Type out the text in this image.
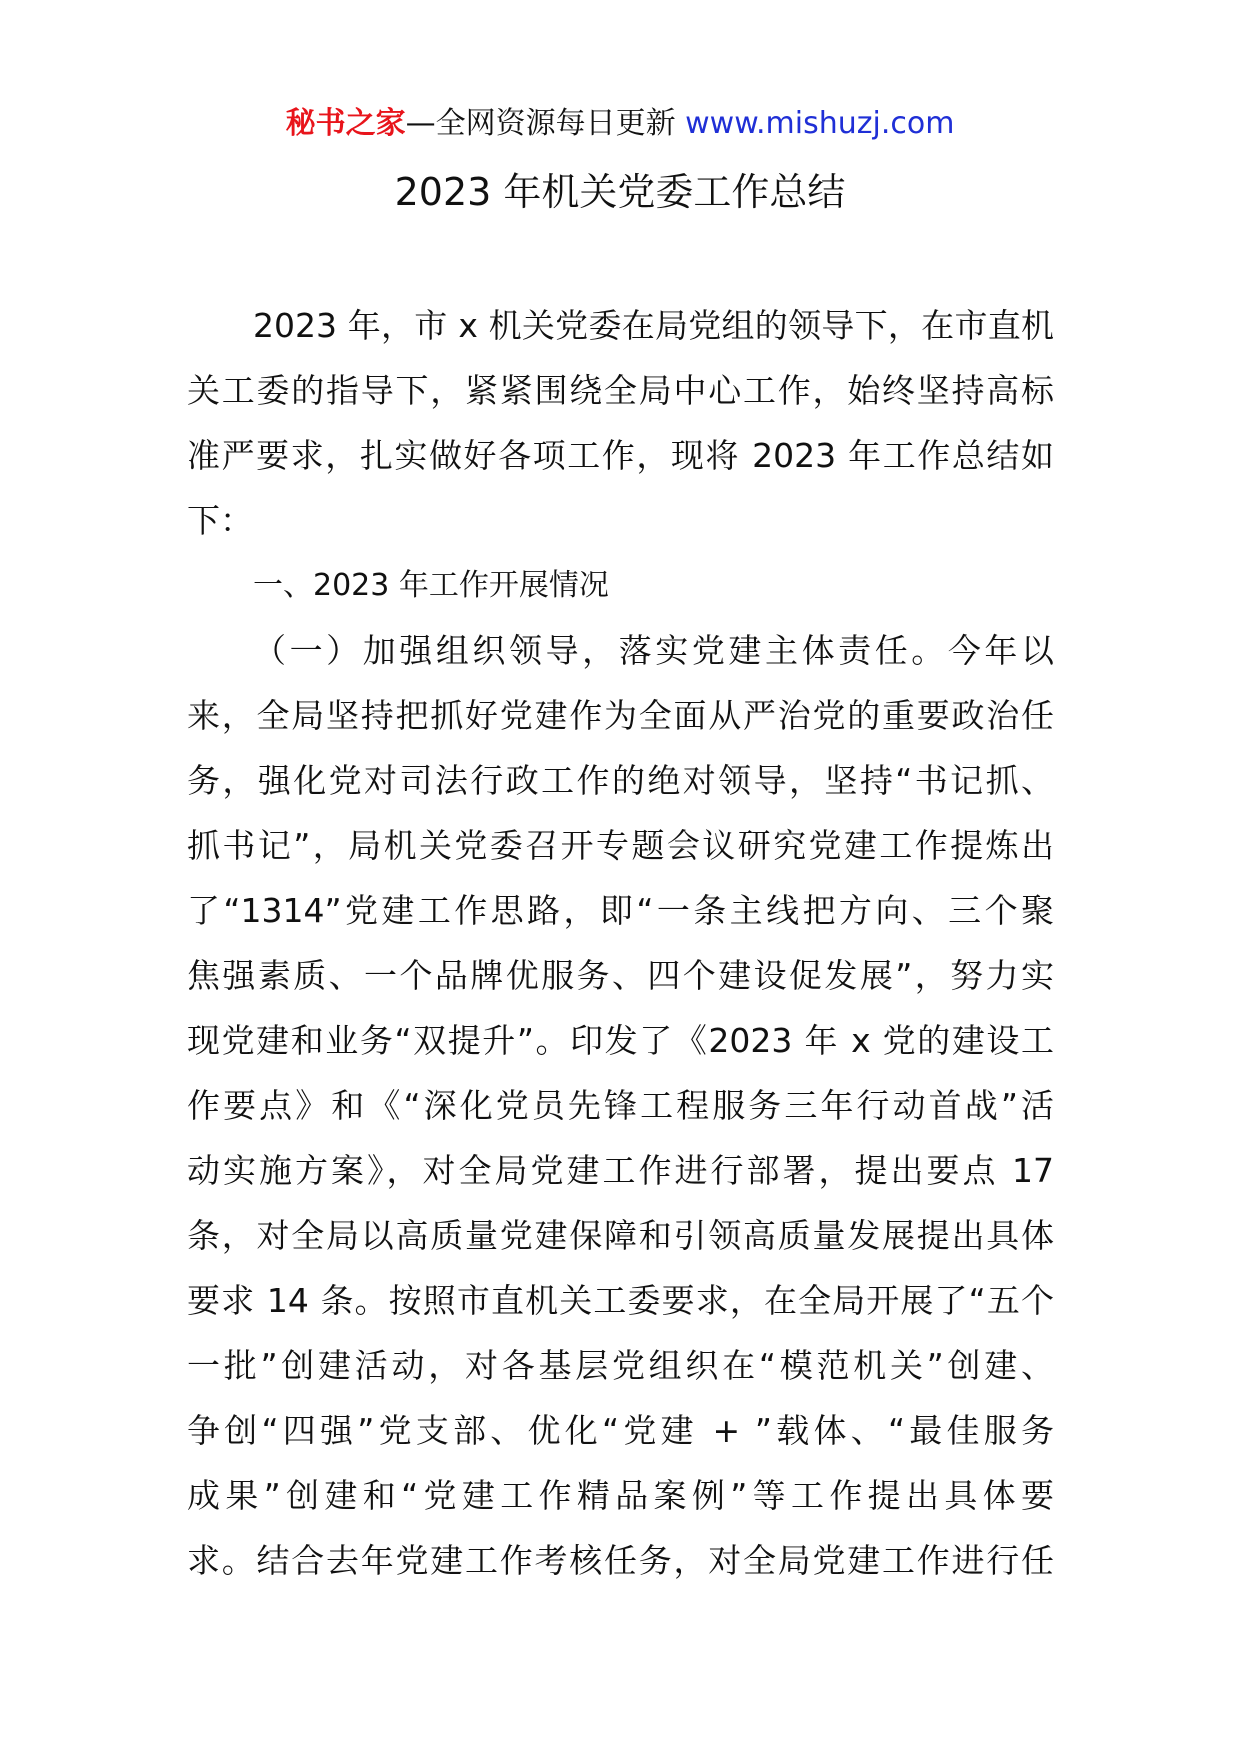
秘书之家—全网资源每日更新 www.mishuzj.com
2023 年机关党委工作总结
2023 年，市 x 机关党委在局党组的领导下，在市直机
关工委的指导下，紧紧围绕全局中心工作，始终坚持高标
准严要求，扎实做好各项工作，现将 2023 年工作总结如
下：
一、2023 年工作开展情况
（一）加强组织领导，落实党建主体责任。今年以
来，全局坚持把抓好党建作为全面从严治党的重要政治任
务，强化党对司法行政工作的绝对领导，坚持“书记抓、
抓书记”，局机关党委召开专题会议研究党建工作提炼出
了“1314”党建工作思路，即“一条主线把方向、三个聚
焦强素质、一个品牌优服务、四个建设促发展”，努力实
现党建和业务“双提升”。印发了《2023 年 x 党的建设工
作要点》和《“深化党员先锋工程服务三年行动首战”活
动实施方案》，对全局党建工作进行部署，提出要点 17
条，对全局以高质量党建保障和引领高质量发展提出具体
要求 14 条。按照市直机关工委要求，在全局开展了“五个
一批”创建活动，对各基层党组织在“模范机关”创建、
争创“四强”党支部、优化“党建 + ”载体、“最佳服务
成果”创建和“党建工作精品案例”等工作提出具体要
求。结合去年党建工作考核任务，对全局党建工作进行任
